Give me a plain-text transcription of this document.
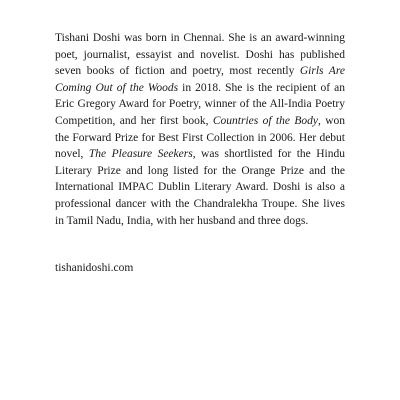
Tishani Doshi was born in Chennai. She is an award-winning poet, journalist, essayist and novelist. Doshi has published seven books of fiction and poetry, most recently Girls Are Coming Out of the Woods in 2018. She is the recipient of an Eric Gregory Award for Poetry, winner of the All-India Poetry Competition, and her first book, Countries of the Body, won the Forward Prize for Best First Collection in 2006. Her debut novel, The Pleasure Seekers, was shortlisted for the Hindu Literary Prize and long listed for the Orange Prize and the International IMPAC Dublin Literary Award. Doshi is also a professional dancer with the Chandralekha Troupe. She lives in Tamil Nadu, India, with her husband and three dogs.

tishanidoshi.com
